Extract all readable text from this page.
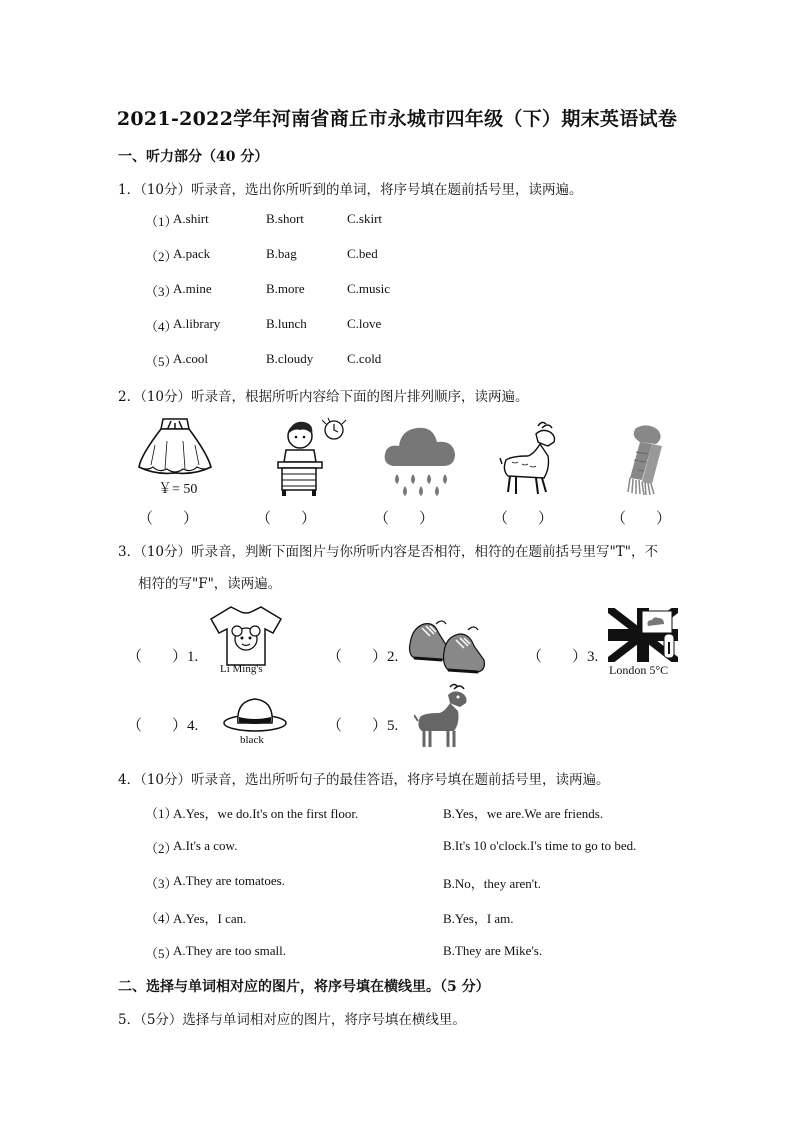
2021-2022学年河南省商丘市永城市四年级（下）期末英语试卷
一、听力部分（40 分）
1．（10分）听录音，选出你所听到的单词，将序号填在题前括号里，读两遍。
（1）
A.shirt	B.short	C.skirt
（2）
A.pack	B.bag	C.bed
（3）
A.mine	B.more	C.music
（4）
A.library	B.lunch	C.love
（5）
A.cool	B.cloudy	C.cold
2．（10分）听录音，根据所听内容给下面的图片排列顺序，读两遍。
￥= 50
（　　）	（　　）	（　　）	（　　）	（　　）
3．（10分）听录音，判断下面图片与你所听内容是否相符，相符的在题前括号里写"T"，不
相符的写"F"，读两遍。
（　　）1.
Li Ming's
（　　）2.	（　　）3.
London 5°C
（　　）4.
black
（　　）5.
4．（10分）听录音，选出所听句子的最佳答语，将序号填在题前括号里，读两遍。
（1）
A.Yes，we do.It's on the first floor.	B.Yes，we are.We are friends.
（2）
A.It's a cow.	B.It's 10 o'clock.I's time to go to bed.
（3）
A.They are tomatoes.	B.No，they aren't.
（4）
A.Yes，I can.	B.Yes，I am.
（5）
A.They are too small.	B.They are Mike's.
二、选择与单词相对应的图片，将序号填在横线里。（5 分）
5．（5分）选择与单词相对应的图片，将序号填在横线里。
